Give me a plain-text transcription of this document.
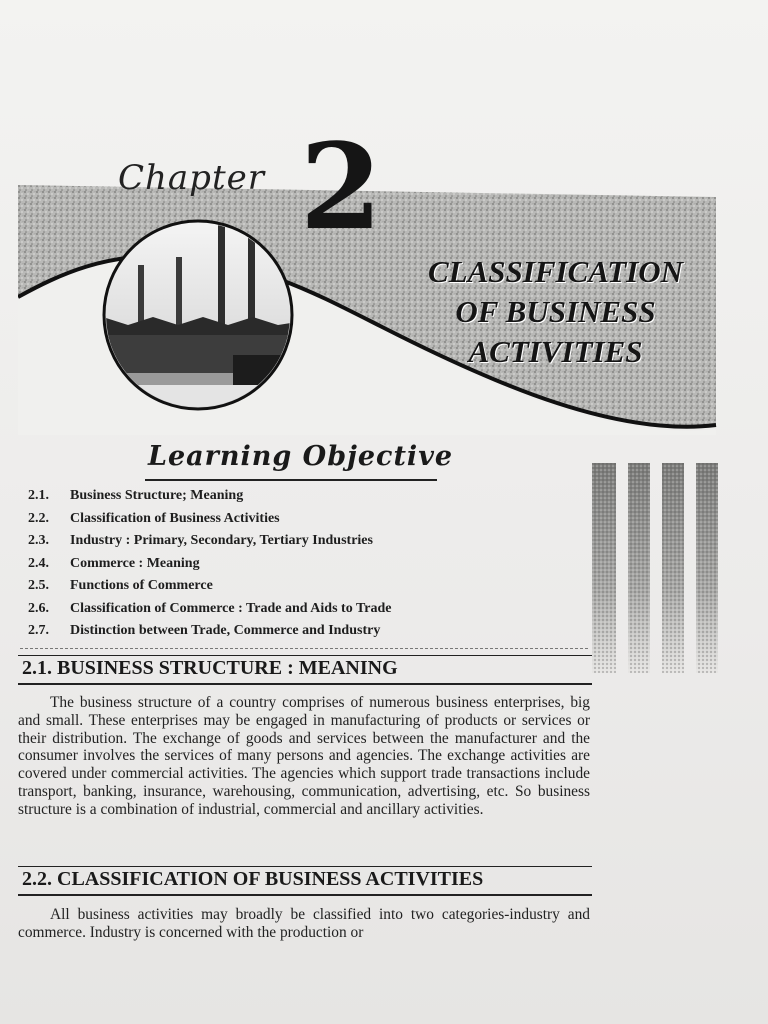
Chapter 2
CLASSIFICATION
OF BUSINESS
ACTIVITIES
Learning Objective
2.1. Business Structure; Meaning
2.2. Classification of Business Activities
2.3. Industry : Primary, Secondary, Tertiary Industries
2.4. Commerce : Meaning
2.5. Functions of Commerce
2.6. Classification of Commerce : Trade and Aids to Trade
2.7. Distinction between Trade, Commerce and Industry
2.1. BUSINESS STRUCTURE : MEANING

The business structure of a country comprises of numerous business enterprises, big and small. These enterprises may be engaged in manufacturing of products or services or their distribution. The exchange of goods and services between the manufacturer and the consumer involves the services of many persons and agencies. The exchange activities are covered under commercial activities. The agencies which support trade transactions include transport, banking, insurance, warehousing, communication, advertising, etc. So business structure is a combination of industrial, commercial and ancillary activities.

2.2. CLASSIFICATION OF BUSINESS ACTIVITIES

All business activities may broadly be classified into two categories-industry and commerce. Industry is concerned with the production or
